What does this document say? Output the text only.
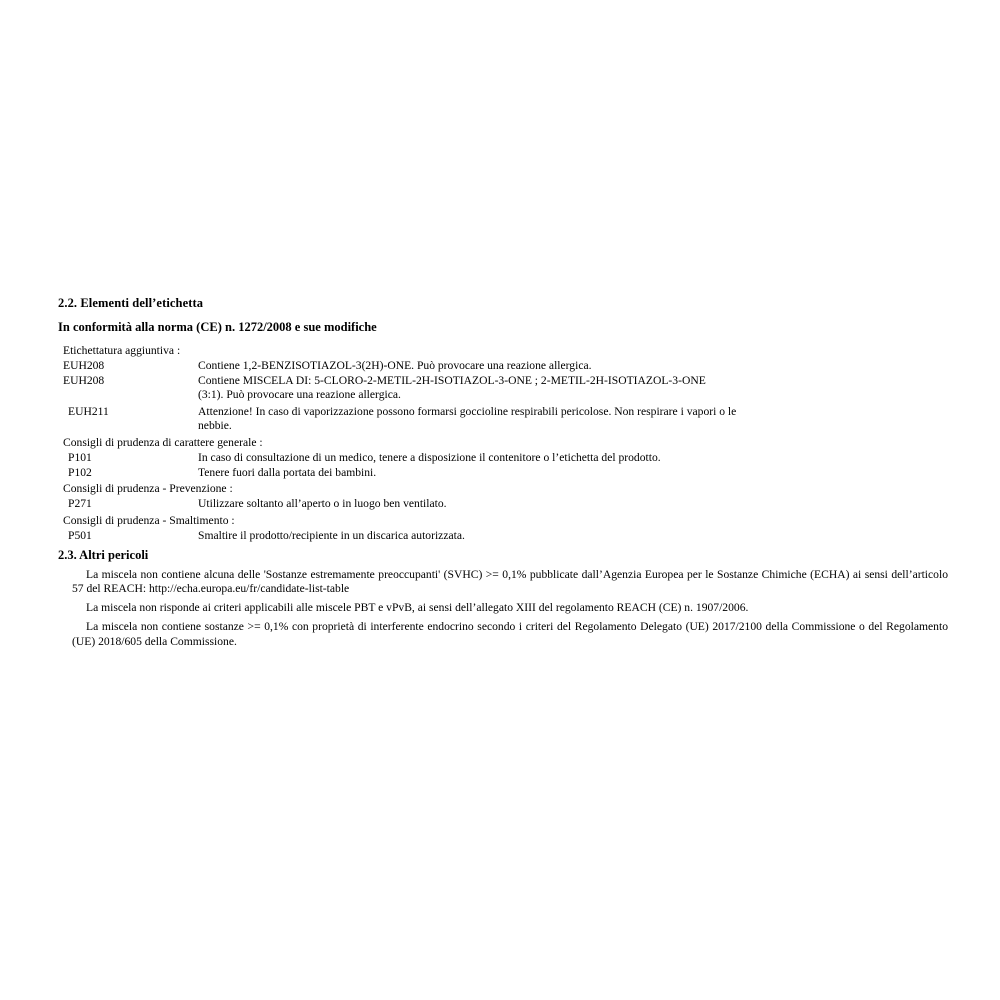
2.2. Elementi dell’etichetta
In conformità alla norma (CE) n. 1272/2008 e sue modifiche
Etichettatura aggiuntiva :
EUH208	Contiene 1,2-BENZISOTIAZOL-3(2H)-ONE. Può provocare una reazione allergica.
EUH208	Contiene MISCELA DI: 5-CLORO-2-METIL-2H-ISOTIAZOL-3-ONE ; 2-METIL-2H-ISOTIAZOL-3-ONE
(3:1). Può provocare una reazione allergica.
EUH211	Attenzione! In caso di vaporizzazione possono formarsi goccioline respirabili pericolose. Non respirare i vapori o le
nebbie.
Consigli di prudenza di carattere generale :
P101	In caso di consultazione di un medico, tenere a disposizione il contenitore o l’etichetta del prodotto.
P102	Tenere fuori dalla portata dei bambini.
Consigli di prudenza - Prevenzione :
P271	Utilizzare soltanto all’aperto o in luogo ben ventilato.
Consigli di prudenza - Smaltimento :
P501	Smaltire il prodotto/recipiente in un discarica autorizzata.
2.3. Altri pericoli
La miscela non contiene alcuna delle 'Sostanze estremamente preoccupanti' (SVHC) >= 0,1% pubblicate dall’Agenzia Europea per le Sostanze Chimiche (ECHA) ai sensi dell’articolo 57 del REACH: http://echa.europa.eu/fr/candidate-list-table
La miscela non risponde ai criteri applicabili alle miscele PBT e vPvB, ai sensi dell’allegato XIII del regolamento REACH (CE) n. 1907/2006.
La miscela non contiene sostanze >= 0,1% con proprietà di interferente endocrino secondo i criteri del Regolamento Delegato (UE) 2017/2100 della Commissione o del Regolamento (UE) 2018/605 della Commissione.
